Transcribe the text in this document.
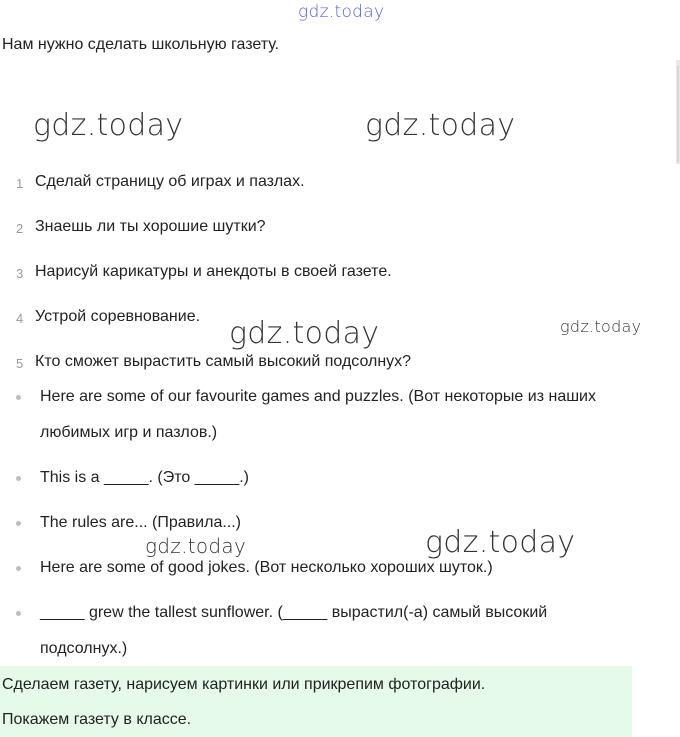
gdz.today
Нам нужно сделать школьную газету.
gdz.today	gdz.today
1 Сделай страницу об играх и пазлах.
2 Знаешь ли ты хорошие шутки?
3 Нарисуй карикатуры и анекдоты в своей газете.
4 Устрой соревнование.
5 Кто сможет вырастить самый высокий подсолнух?
gdz.today	gdz.today
Here are some of our favourite games and puzzles. (Вот некоторые из наших
любимых игр и пазлов.)
This is a _____. (Это _____.)
The rules are... (Правила...)
Here are some of good jokes. (Вот несколько хороших шуток.)
_____ grew the tallest sunflower. (_____ вырастил(-а) самый высокий
подсолнух.)
gdz.today	gdz.today
Сделаем газету, нарисуем картинки или прикрепим фотографии.
Покажем газету в классе.
